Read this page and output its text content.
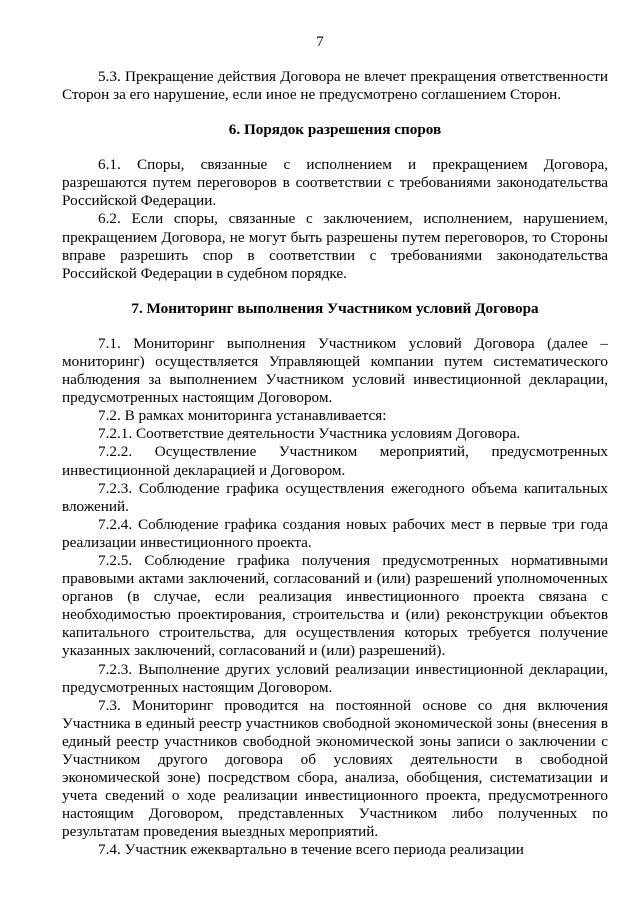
7

5.3. Прекращение действия Договора не влечет прекращения ответственности Сторон за его нарушение, если иное не предусмотрено соглашением Сторон.

6. Порядок разрешения споров

6.1. Споры, связанные с исполнением и прекращением Договора, разрешаются путем переговоров в соответствии с требованиями законодательства Российской Федерации.

6.2. Если споры, связанные с заключением, исполнением, нарушением, прекращением Договора, не могут быть разрешены путем переговоров, то Стороны вправе разрешить спор в соответствии с требованиями законодательства Российской Федерации в судебном порядке.

7. Мониторинг выполнения Участником условий Договора

7.1. Мониторинг выполнения Участником условий Договора (далее – мониторинг) осуществляется Управляющей компании путем систематического наблюдения за выполнением Участником условий инвестиционной декларации, предусмотренных настоящим Договором.

7.2. В рамках мониторинга устанавливается:

7.2.1. Соответствие деятельности Участника условиям Договора.

7.2.2. Осуществление Участником мероприятий, предусмотренных инвестиционной декларацией и Договором.

7.2.3. Соблюдение графика осуществления ежегодного объема капитальных вложений.

7.2.4. Соблюдение графика создания новых рабочих мест в первые три года реализации инвестиционного проекта.

7.2.5. Соблюдение графика получения предусмотренных нормативными правовыми актами заключений, согласований и (или) разрешений уполномоченных органов (в случае, если реализация инвестиционного проекта связана с необходимостью проектирования, строительства и (или) реконструкции объектов капитального строительства, для осуществления которых требуется получение указанных заключений, согласований и (или) разрешений).

7.2.3. Выполнение других условий реализации инвестиционной декларации, предусмотренных настоящим Договором.

7.3. Мониторинг проводится на постоянной основе со дня включения Участника в единый реестр участников свободной экономической зоны (внесения в единый реестр участников свободной экономической зоны записи о заключении с Участником другого договора об условиях деятельности в свободной экономической зоне) посредством сбора, анализа, обобщения, систематизации и учета сведений о ходе реализации инвестиционного проекта, предусмотренного настоящим Договором, представленных Участником либо полученных по результатам проведения выездных мероприятий.

7.4. Участник ежеквартально в течение всего периода реализации
